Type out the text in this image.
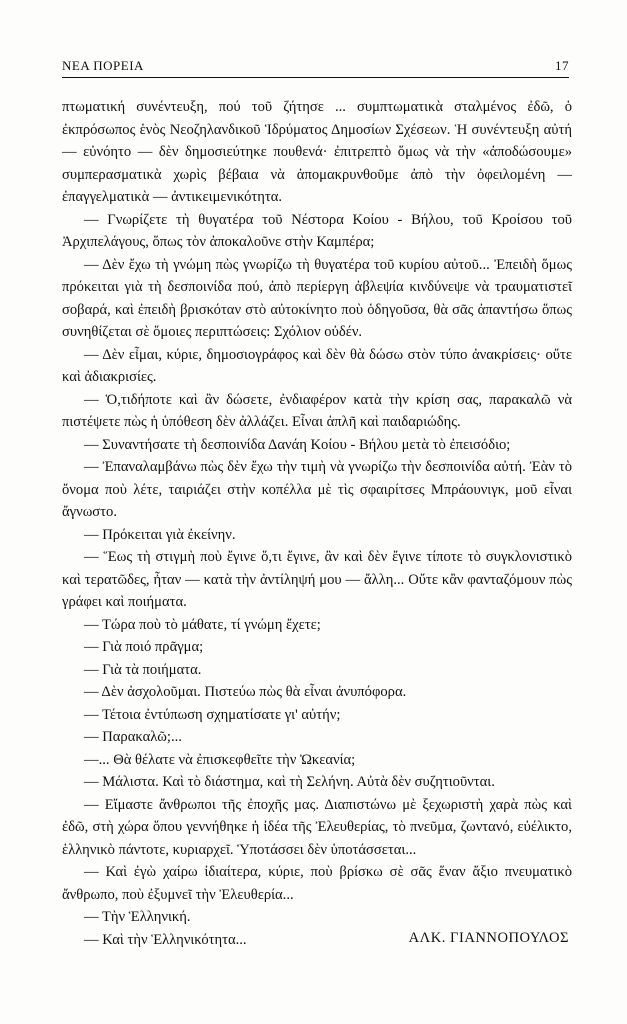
ΝΕΑ ΠΟΡΕΙΑ	17

πτωματική συνέντευξη, πού τοῦ ζήτησε ... συμπτωματικὰ σταλμένος ἐδῶ, ὁ ἐκπρόσωπος ἑνὸς Νεοζηλανδικοῦ Ἱδρύματος Δημοσίων Σχέσεων. Ἡ συνέντευξη αὐτή — εὐνόητο — δὲν δημοσιεύτηκε πουθενά· ἐπιτρεπτὸ ὅμως νὰ τὴν «ἀποδώσουμε» συμπερασματικὰ χωρὶς βέβαια νὰ ἀπομακρυνθοῦμε ἀπὸ τὴν ὀφειλομένη — ἐπαγγελματικὰ — ἀντικειμενικότητα.

— Γνωρίζετε τὴ θυγατέρα τοῦ Νέστορα Κοίου - Βήλου, τοῦ Κροίσου τοῦ Ἀρχιπελάγους, ὅπως τὸν ἀποκαλοῦνε στὴν Καμπέρα;

— Δὲν ἔχω τὴ γνώμη πὼς γνωρίζω τὴ θυγατέρα τοῦ κυρίου αὐτοῦ... Ἐπειδὴ ὅμως πρόκειται γιὰ τὴ δεσποινίδα πού, ἀπὸ περίεργη ἀβλεψία κινδύνεψε νὰ τραυματιστεῖ σοβαρά, καὶ ἐπειδὴ βρισκόταν στὸ αὐτοκίνητο ποὺ ὁδηγοῦσα, θὰ σᾶς ἀπαντήσω ὅπως συνηθίζεται σὲ ὅμοιες περιπτώσεις: Σχόλιον οὐδέν.

— Δὲν εἶμαι, κύριε, δημοσιογράφος καὶ δὲν θὰ δώσω στὸν τύπο ἀνακρίσεις· οὔτε καὶ ἀδιακρισίες.

— Ὁ,τιδήποτε καὶ ἂν δώσετε, ἐνδιαφέρον κατὰ τὴν κρίση σας, παρακαλῶ νὰ πιστέψετε πὼς ἡ ὑπόθεση δὲν ἀλλάζει. Εἶναι ἁπλῆ καὶ παιδαριώδης.

— Συναντήσατε τὴ δεσποινίδα Δανάη Κοίου - Βήλου μετὰ τὸ ἐπεισόδιο;

— Ἐπαναλαμβάνω πὼς δὲν ἔχω τὴν τιμὴ νὰ γνωρίζω τὴν δεσποινίδα αὐτή. Ἐὰν τὸ ὄνομα ποὺ λέτε, ταιριάζει στὴν κοπέλλα μὲ τὶς σφαιρίτσες Μπράουνιγκ, μοῦ εἶναι ἄγνωστο.

— Πρόκειται γιὰ ἐκείνην.

— Ἕως τὴ στιγμὴ ποὺ ἔγινε ὅ,τι ἔγινε, ἂν καὶ δὲν ἔγινε τίποτε τὸ συγκλονιστικὸ καὶ τερατῶδες, ἦταν — κατὰ τὴν ἀντίληψή μου — ἄλλη... Οὔτε κἂν φανταζόμουν πὼς γράφει καὶ ποιήματα.

— Τώρα ποὺ τὸ μάθατε, τί γνώμη ἔχετε;

— Γιὰ ποιό πρᾶγμα;

— Γιὰ τὰ ποιήματα.

— Δὲν ἀσχολοῦμαι. Πιστεύω πὼς θὰ εἶναι ἀνυπόφορα.

— Τέτοια ἐντύπωση σχηματίσατε γι' αὐτήν;

— Παρακαλῶ;...

—... Θὰ θέλατε νὰ ἐπισκεφθεῖτε τὴν Ὠκεανία;

— Μάλιστα. Καὶ τὸ διάστημα, καὶ τὴ Σελήνη. Αὐτὰ δὲν συζητιοῦνται.

— Εἴμαστε ἄνθρωποι τῆς ἐποχῆς μας. Διαπιστώνω μὲ ξεχωριστὴ χαρὰ πὼς καὶ ἐδῶ, στὴ χώρα ὅπου γεννήθηκε ἡ ἰδέα τῆς Ἐλευθερίας, τὸ πνεῦμα, ζωντανό, εὐέλικτο, ἑλληνικὸ πάντοτε, κυριαρχεῖ. Ὑποτάσσει δὲν ὑποτάσσεται...

— Καὶ ἐγὼ χαίρω ἰδιαίτερα, κύριε, ποὺ βρίσκω σὲ σᾶς ἕναν ἄξιο πνευματικὸ ἄνθρωπο, ποὺ ἐξυμνεῖ τὴν Ἐλευθερία...

— Τὴν Ἑλληνική.

— Καὶ τὴν Ἑλληνικότητα...	ΑΛΚ. ΓΙΑΝΝΟΠΟΥΛΟΣ
